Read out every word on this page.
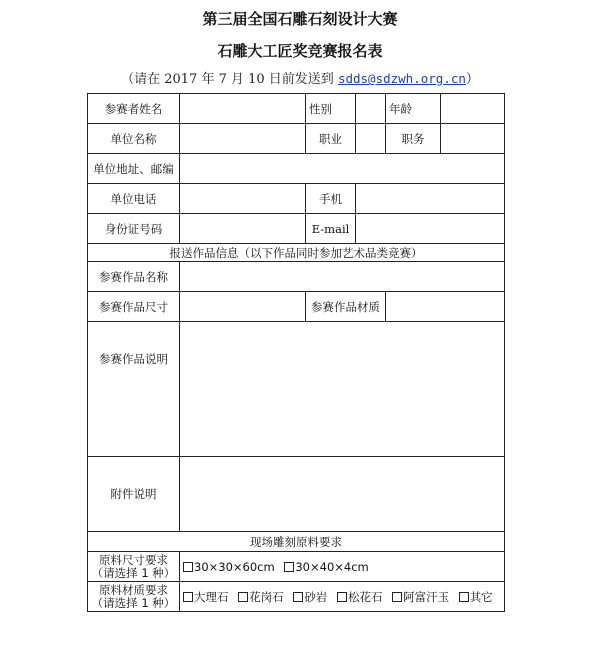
第三届全国石雕石刻设计大赛
石雕大工匠奖竞赛报名表
（请在 2017 年 7 月 10 日前发送到 sdds@sdzwh.org.cn）
参赛者姓名		性别		年龄	
单位名称		职业		职务	
单位地址、邮编					
单位电话		手机			
身份证号码		E-mail			
报送作品信息（以下作品同时参加艺术品类竞赛）					
参赛作品名称					
参赛作品尺寸		参赛作品材质			
参赛作品说明					
附件说明					
现场雕刻原料要求					

原料尺寸要求
（请选择 1 种）	30×30×60cm 30×40×4cm				

原料材质要求
（请选择 1 种）	大理石 花岗石 砂岩 松花石 阿富汗玉 其它				
